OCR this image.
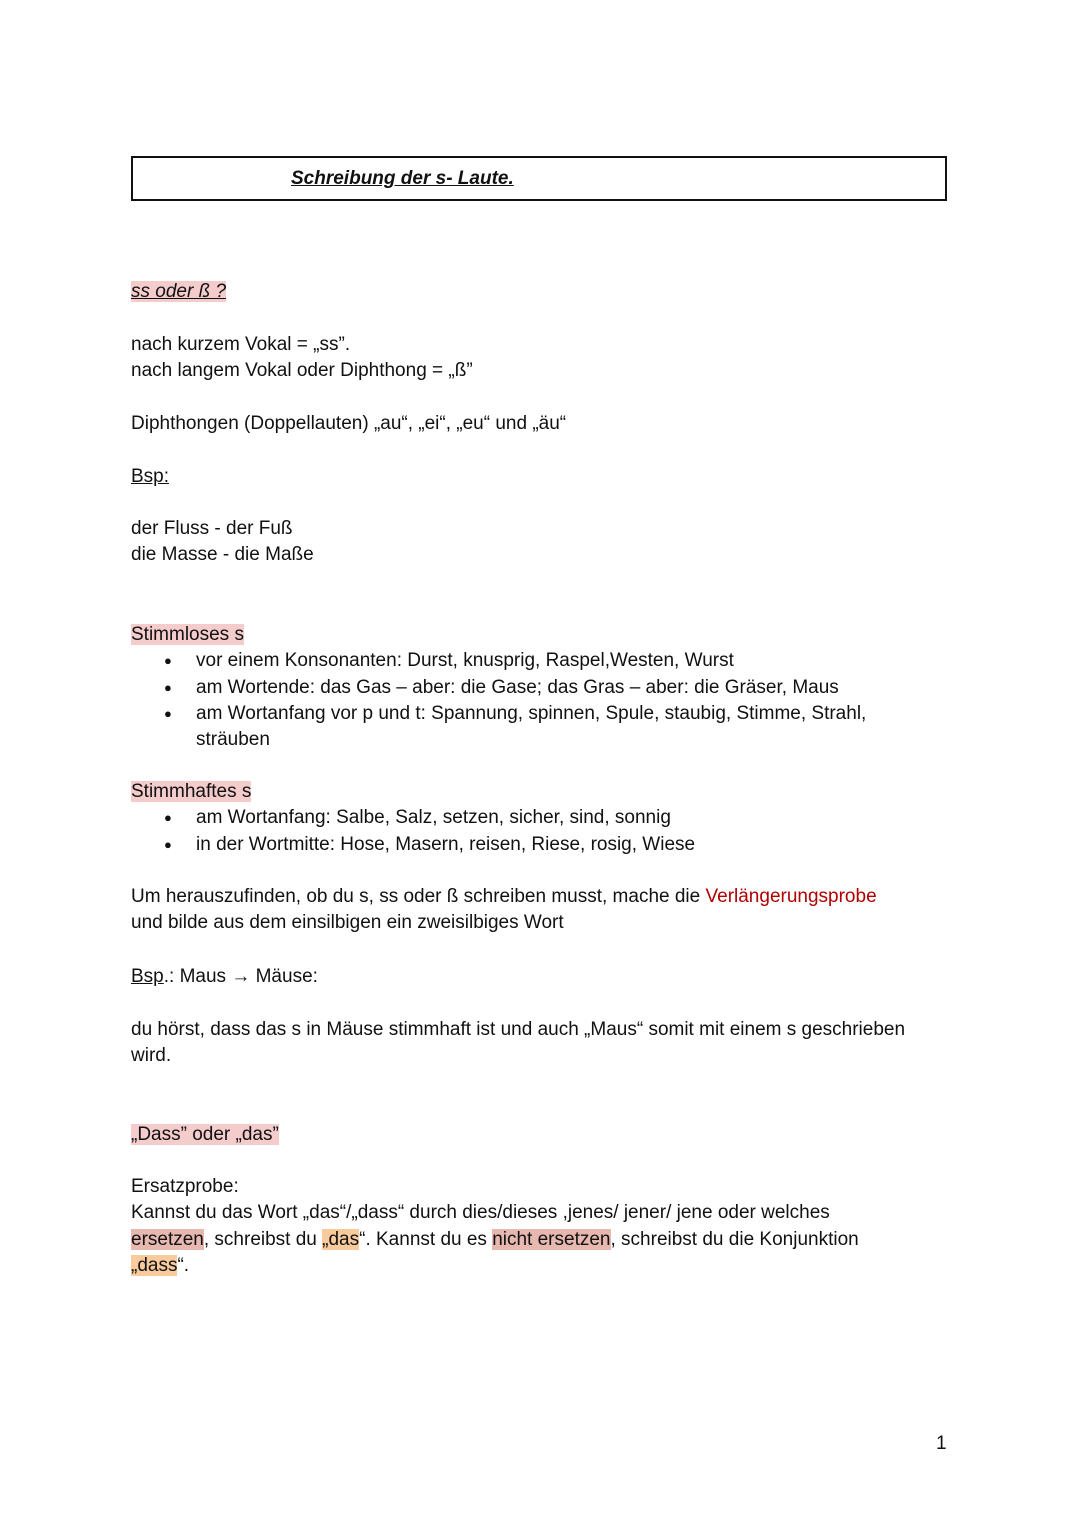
Schreibung der s- Laute.
ss oder ß ?
nach kurzem Vokal = „ss”.
nach langem Vokal oder Diphthong = „ß”
Diphthongen (Doppellauten) „au“, „ei“, „eu“ und „äu“
Bsp:
der Fluss - der Fuß
die Masse - die Maße
Stimmloses s
● vor einem Konsonanten: Durst, knusprig, Raspel,Westen, Wurst
● am Wortende: das Gas – aber: die Gase; das Gras – aber: die Gräser, Maus
● am Wortanfang vor p und t: Spannung, spinnen, Spule, staubig, Stimme, Strahl,
sträuben
Stimmhaftes s
● am Wortanfang: Salbe, Salz, setzen, sicher, sind, sonnig
● in der Wortmitte: Hose, Masern, reisen, Riese, rosig, Wiese
Um herauszufinden, ob du s, ss oder ß schreiben musst, mache die Verlängerungsprobe
und bilde aus dem einsilbigen ein zweisilbiges Wort
Bsp.: Maus → Mäuse:
du hörst, dass das s in Mäuse stimmhaft ist und auch „Maus“ somit mit einem s geschrieben
wird.
„Dass” oder „das”
Ersatzprobe:
Kannst du das Wort „das“/„dass“ durch dies/dieses ,jenes/ jener/ jene oder welches
ersetzen, schreibst du „das“. Kannst du es nicht ersetzen, schreibst du die Konjunktion
„dass“.
1
